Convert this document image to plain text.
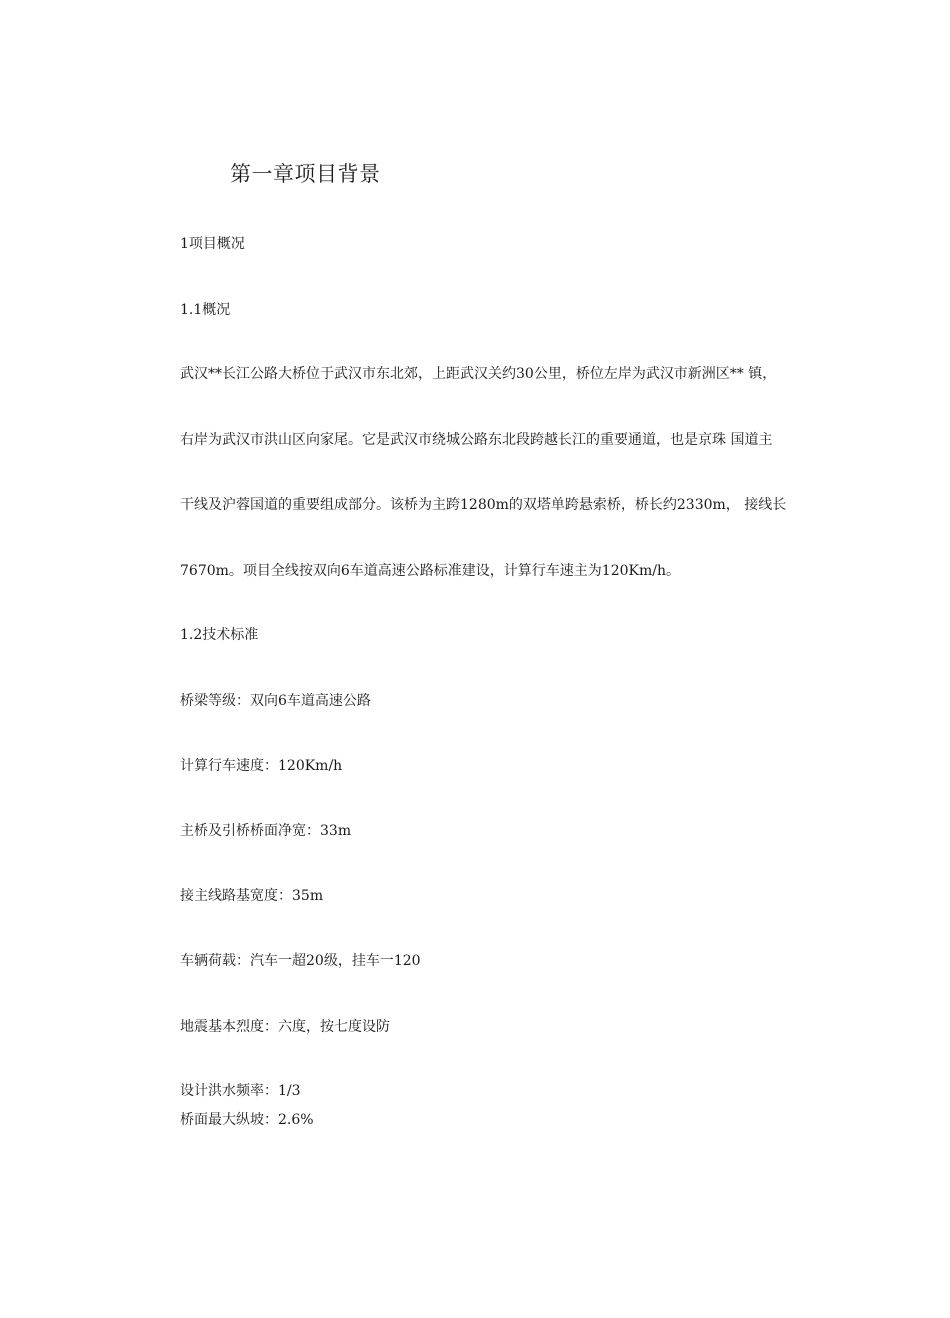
第一章项目背景
1项目概况
1.1概况
武汉**长江公路大桥位于武汉市东北郊，上距武汉关约30公里，桥位左岸为武汉市新洲区** 镇，
右岸为武汉市洪山区向家尾。它是武汉市绕城公路东北段跨越长江的重要通道，也是京珠 国道主
干线及沪蓉国道的重要组成部分。该桥为主跨1280m的双塔单跨悬索桥，桥长约2330m， 接线长
7670m。项目全线按双向6车道高速公路标准建设，计算行车速主为120Km/h。
1.2技术标准
桥梁等级：双向6车道高速公路
计算行车速度：120Km/h
主桥及引桥桥面净宽：33m
接主线路基宽度：35m
车辆荷载：汽车一超20级，挂车一120
地震基本烈度：六度，按七度设防
设计洪水频率：1/3
桥面最大纵坡：2.6%
